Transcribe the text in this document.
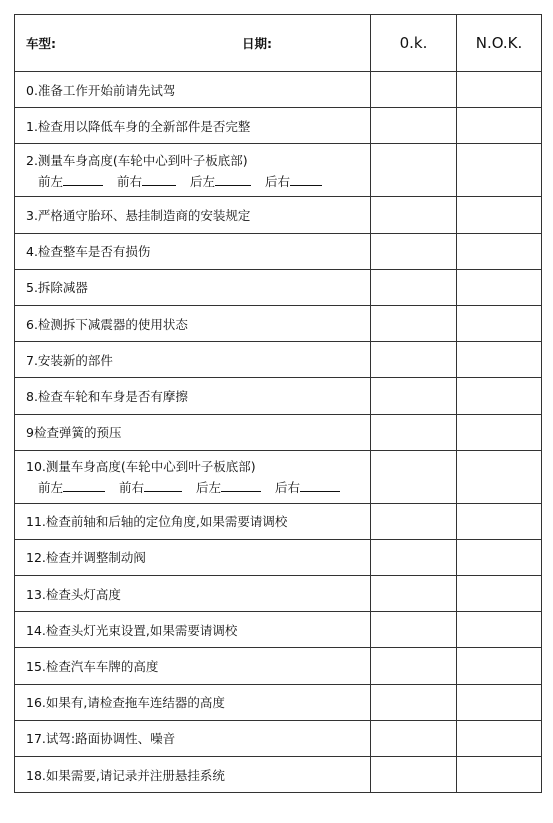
车型: 日期:	0.k.	N.O.K.

0.准备工作开始前请先试驾		

1.检查用以降低车身的全新部件是否完整		

2.测量车身高度(车轮中心到叶子板底部)
前左 前右 后左 后右		

3.严格通守胎环、悬挂制造商的安装规定		

4.检查整车是否有损伤		

5.拆除减器		

6.检测拆下减震器的使用状态		

7.安装新的部件		

8.检查车轮和车身是否有摩擦		

9检查弹簧的预压		

10.测量车身高度(车轮中心到叶子板底部)
前左 前右 后左 后右		

11.检查前轴和后轴的定位角度,如果需要请调校		

12.检查并调整制动阀		

13.检查头灯高度		

14.检查头灯光束设置,如果需要请调校		

15.检查汽车车牌的高度		

16.如果有,请检查拖车连结器的高度		

17.试驾:路面协调性、噪音		

18.如果需要,请记录并注册悬挂系统		
